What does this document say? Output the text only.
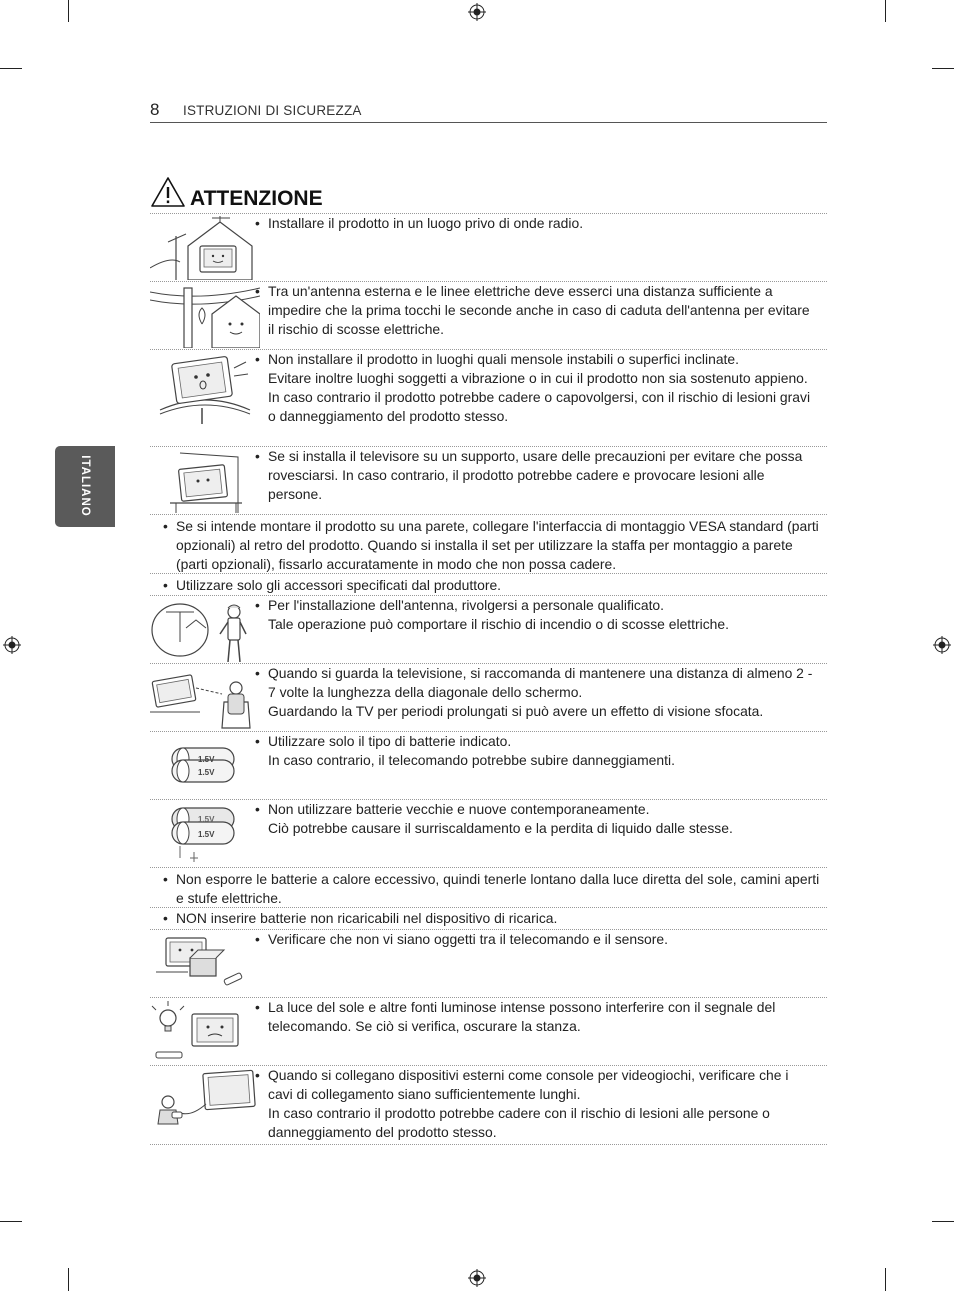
8 ISTRUZIONI DI SICUREZZA
ITALIANO
ATTENZIONE
• Installare il prodotto in un luogo privo di onde radio.

• Tra un'antenna esterna e le linee elettriche deve esserci una distanza sufficiente a impedire che la prima tocchi le seconde anche in caso di caduta dell'antenna per evitare il rischio di scosse elettriche.

• Non installare il prodotto in luoghi quali mensole instabili o superfici inclinate.

Evitare inoltre luoghi soggetti a vibrazione o in cui il prodotto non sia sostenuto appieno.

In caso contrario il prodotto potrebbe cadere o capovolgersi, con il rischio di lesioni gravi o danneggiamento del prodotto stesso.

• Se si installa il televisore su un supporto, usare delle precauzioni per evitare che possa rovesciarsi. In caso contrario, il prodotto potrebbe cadere e provocare lesioni alle persone.

• Se si intende montare il prodotto su una parete, collegare l'interfaccia di montaggio VESA standard (parti opzionali) al retro del prodotto. Quando si installa il set per utilizzare la staffa per montaggio a parete (parti opzionali), fissarlo accuratamente in modo che non possa cadere.

• Utilizzare solo gli accessori specificati dal produttore.

• Per l'installazione dell'antenna, rivolgersi a personale qualificato.

Tale operazione può comportare il rischio di incendio o di scosse elettriche.

• Quando si guarda la televisione, si raccomanda di mantenere una distanza di almeno 2 - 7 volte la lunghezza della diagonale dello schermo.

Guardando la TV per periodi prolungati si può avere un effetto di visione sfocata.

1.5V
1.5V
• Utilizzare solo il tipo di batterie indicato.

In caso contrario, il telecomando potrebbe subire danneggiamenti.

1.5V
1.5V
• Non utilizzare batterie vecchie e nuove contemporaneamente.

Ciò potrebbe causare il surriscaldamento e la perdita di liquido dalle stesse.

• Non esporre le batterie a calore eccessivo, quindi tenerle lontano dalla luce diretta del sole, camini aperti e stufe elettriche.

• NON inserire batterie non ricaricabili nel dispositivo di ricarica.

• Verificare che non vi siano oggetti tra il telecomando e il sensore.

• La luce del sole e altre fonti luminose intense possono interferire con il segnale del telecomando. Se ciò si verifica, oscurare la stanza.

• Quando si collegano dispositivi esterni come console per videogiochi, verificare che i cavi di collegamento siano sufficientemente lunghi.

In caso contrario il prodotto potrebbe cadere con il rischio di lesioni alle persone o danneggiamento del prodotto stesso.
